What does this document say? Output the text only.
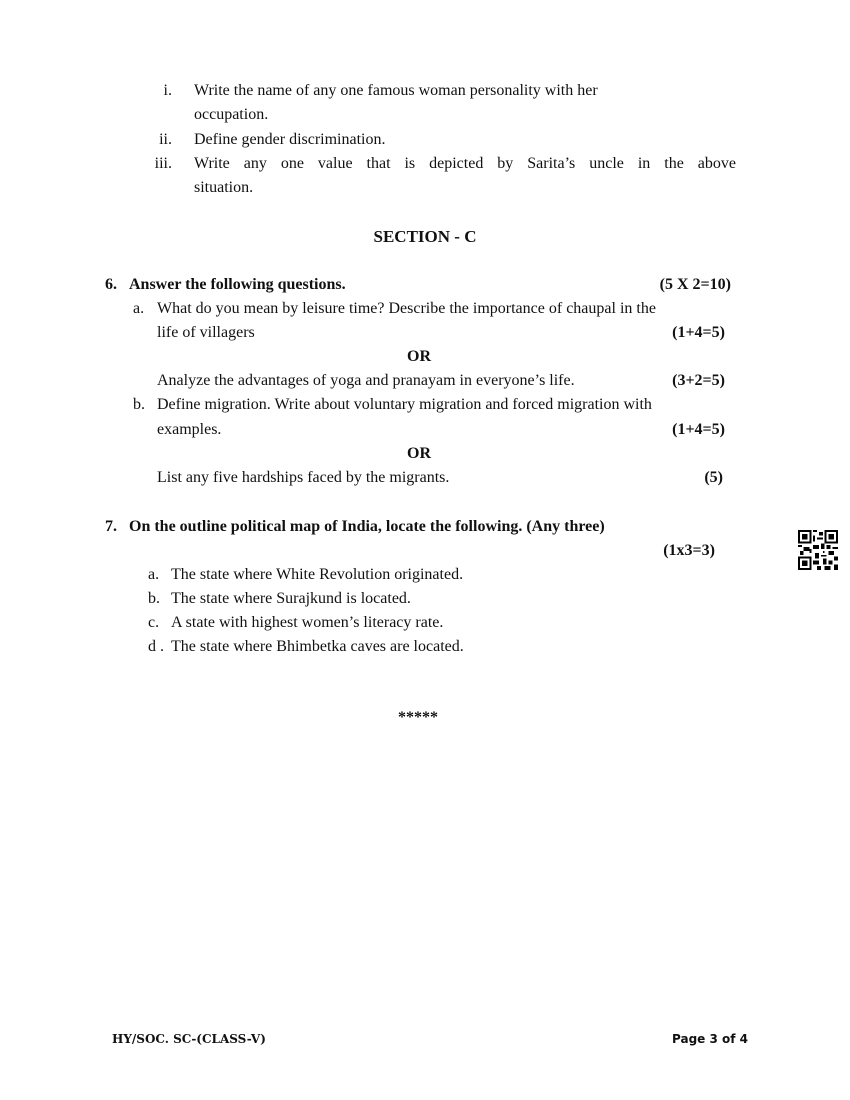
i. Write the name of any one famous woman personality with her
occupation.
ii. Define gender discrimination.
iii. Write any one value that is depicted by Sarita’s uncle in the above
situation.
SECTION - C
6. Answer the following questions.	(5 X 2=10)
a. What do you mean by leisure time? Describe the importance of chaupal in the
life of villagers	(1+4=5)
OR
Analyze the advantages of yoga and pranayam in everyone’s life.	(3+2=5)
b. Define migration. Write about voluntary migration and forced migration with
examples.	(1+4=5)
OR
List any five hardships faced by the migrants.	(5)
7. On the outline political map of India, locate the following. (Any three)
(1x3=3)
a. The state where White Revolution originated.
b. The state where Surajkund is located.
c. A state with highest women’s literacy rate.
d . The state where Bhimbetka caves are located.
*****
HY/SOC. SC-(CLASS-V)	Page 3 of 4
